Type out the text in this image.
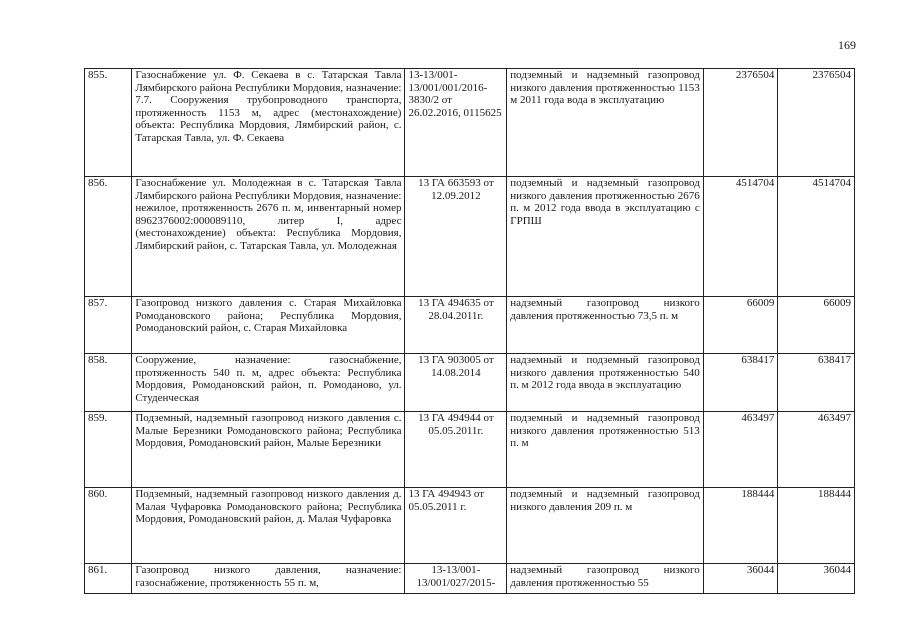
169
855.	Газоснабжение ул. Ф. Секаева в с. Татарская Тавла Лямбирского района Республики Мордовия, назначение: 7.7. Сооружения трубопроводного транспорта, протяженность 1153 м, адрес (местонахождение) объекта: Республика Мордовия, Лямбирский район, с. Татарская Тавла, ул. Ф. Секаева	13-13/001-13/001/001/2016-3830/2 от 26.02.2016, 0115625	подземный и надземный газопровод низкого давления протяженностью 1153 м 2011 года вода в эксплуатацию	2376504	2376504
856.	Газоснабжение ул. Молодежная в с. Татарская Тавла Лямбирского района Республики Мордовия, назначение: нежилое, протяженность 2676 п. м, инвентарный номер 8962376002:000089110, литер I, адрес (местонахождение) объекта: Республика Мордовия, Лямбирский район, с. Татарская Тавла, ул. Молодежная	13 ГА 663593 от 12.09.2012	подземный и надземный газопровод низкого давления протяженностью 2676 п. м 2012 года ввода в эксплуатацию с ГРПШ	4514704	4514704
857.	Газопровод низкого давления с. Старая Михайловка Ромодановского района; Республика Мордовия, Ромодановский район, с. Старая Михайловка	13 ГА 494635 от 28.04.2011г.	надземный газопровод низкого давления протяженностью 73,5 п. м	66009	66009
858.	Сооружение, назначение: газоснабжение, протяженность 540 п. м, адрес объекта: Республика Мордовия, Ромодановский район, п. Ромоданово, ул. Студенческая	13 ГА 903005 от 14.08.2014	надземный и подземный газопровод низкого давления протяженностью 540 п. м 2012 года ввода в эксплуатацию	638417	638417
859.	Подземный, надземный газопровод низкого давления с. Малые Березники Ромодановского района; Республика Мордовия, Ромодановский район, Малые Березники	13 ГА 494944 от 05.05.2011г.	подземный и надземный газопровод низкого давления протяженностью 513 п. м	463497	463497
860.	Подземный, надземный газопровод низкого давления д. Малая Чуфаровка Ромодановского района; Республика Мордовия, Ромодановский район, д. Малая Чуфаровка	13 ГА 494943 от 05.05.2011 г.	подземный и надземный газопровод низкого давления 209 п. м	188444	188444
861.	Газопровод низкого давления, назначение: газоснабжение, протяженность 55 п. м,	13-13/001-13/001/027/2015-	надземный газопровод низкого давления протяженностью 55	36044	36044
